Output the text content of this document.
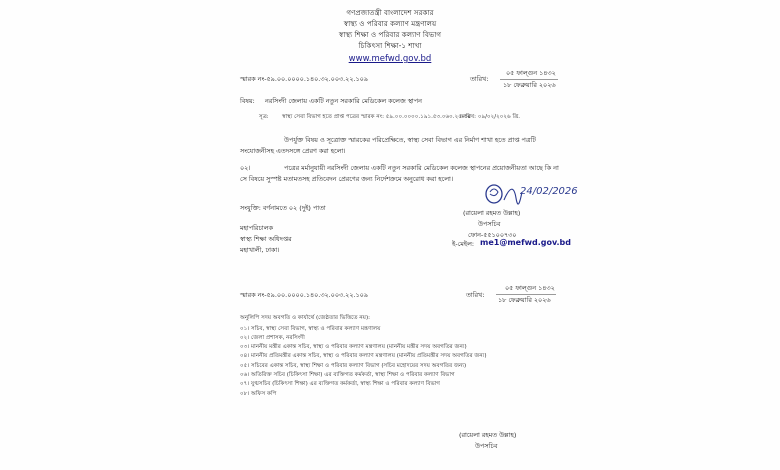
গণপ্রজাতন্ত্রী বাংলাদেশ সরকার
স্বাস্থ্য ও পরিবার কল্যাণ মন্ত্রণালয়
স্বাস্থ্য শিক্ষা ও পরিবার কল্যাণ বিভাগ
চিকিৎসা শিক্ষা-১ শাখা
www.mefwd.gov.bd
স্মারক নং-৫৯.০০.০০০০.১৪০.৩২.০০৩.২২.১০৯	তারিখ:
০৫ ফাল্গুন ১৪৩২
১৮ ফেব্রুয়ারি ২০২৬
বিষয়: নরসিংদী জেলায় একটি নতুন সরকারি মেডিকেল কলেজ স্থাপন
সূত্র: স্বাস্থ্য সেবা বিভাগ হতে প্রাপ্ত পত্রের স্মারক নং: ৫৯.০০.০০০০.১৯১.৫৩.০৬০.২৫-৩৪
তারিখ: ০৯/০২/২০২৬ খ্রি.
উপর্যুক্ত বিষয় ও সূত্রোক্ত স্মারকের পরিপ্রেক্ষিতে, স্বাস্থ্য সেবা বিভাগ এর নির্মাণ শাখা হতে প্রাপ্ত পত্রটি
সংযোজনীসহ এতদসঙ্গে প্রেরণ করা হলো।
০২।	পত্রের মর্মানুযায়ী নরসিংদী জেলায় একটি নতুন সরকারি মেডিকেল কলেজ স্থাপনের প্রয়োজনীয়তা আছে কি না
সে বিষয়ে সুস্পষ্ট মতামতসহ প্রতিবেদন প্রেরণের জন্য নির্দেশক্রমে অনুরোধ করা হলো।
সংযুক্তি: বর্ণনামতে ০২ (দুই) পাতা
24/02/2026
(রায়েলা রহমত উল্লাহ)
উপসচিব
ফোন-৫৫১০০৭৩০
ই-মেইল: me1@mefwd.gov.bd
মহাপরিচালক
স্বাস্থ্য শিক্ষা অধিদপ্তর
মহাখালী, ঢাকা।
স্মারক নং-৫৯.০০.০০০০.১৪০.৩২.০০৩.২২.১০৯	তারিখ:
০৫ ফাল্গুন ১৪৩২
১৮ ফেব্রুয়ারি ২০২৬
অনুলিপি সদয় অবগতি ও কার্যার্থে (জেষ্ঠতার ভিত্তিতে নয়):
০১। সচিব, স্বাস্থ্য সেবা বিভাগ, স্বাস্থ্য ও পরিবার কল্যাণ মন্ত্রণালয়
০২। জেলা প্রশাসক, নরসিংদী
০৩। মাননীয় মন্ত্রীর একান্ত সচিব, স্বাস্থ্য ও পরিবার কল্যাণ মন্ত্রণালয় (মাননীয় মন্ত্রীর সদয় অবগতির জন্য)
০৪। মাননীয় প্রতিমন্ত্রীর একান্ত সচিব, স্বাস্থ্য ও পরিবার কল্যাণ মন্ত্রণালয় (মাননীয় প্রতিমন্ত্রীর সদয় অবগতির জন্য)
০৫। সচিবের একান্ত সচিব, স্বাস্থ্য শিক্ষা ও পরিবার কল্যাণ বিভাগ (সচিব মহোদয়ের সদয় অবগতির জন্য)
০৬। অতিরিক্ত সচিব (চিকিৎসা শিক্ষা) এর ব্যক্তিগত কর্মকর্তা, স্বাস্থ্য শিক্ষা ও পরিবার কল্যাণ বিভাগ
০৭। যুগ্মসচিব (চিকিৎসা শিক্ষা) এর ব্যক্তিগত কর্মকর্তা, স্বাস্থ্য শিক্ষা ও পরিবার কল্যাণ বিভাগ
০৮। অফিস কপি
(রায়েলা রহমত উল্লাহ)
উপসচিব
